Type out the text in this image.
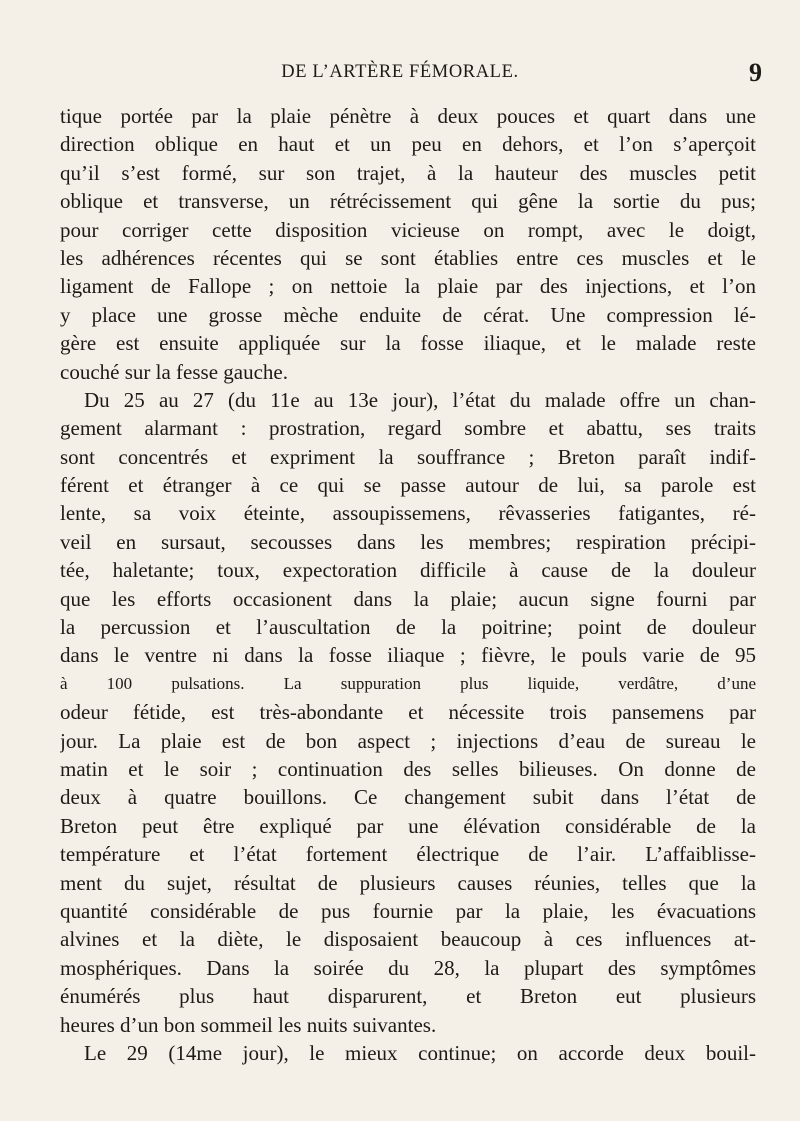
DE L’ARTÈRE FÉMORALE.	9
tique portée par la plaie pénètre à deux pouces et quart dans une
direction oblique en haut et un peu en dehors, et l’on s’aperçoit
qu’il s’est formé, sur son trajet, à la hauteur des muscles petit
oblique et transverse, un rétrécissement qui gêne la sortie du pus;
pour corriger cette disposition vicieuse on rompt, avec le doigt,
les adhérences récentes qui se sont établies entre ces muscles et le
ligament de Fallope ; on nettoie la plaie par des injections, et l’on
y place une grosse mèche enduite de cérat. Une compression lé-
gère est ensuite appliquée sur la fosse iliaque, et le malade reste
couché sur la fesse gauche.
Du 25 au 27 (du 11e au 13e jour), l’état du malade offre un chan-
gement alarmant : prostration, regard sombre et abattu, ses traits
sont concentrés et expriment la souffrance ; Breton paraît indif-
férent et étranger à ce qui se passe autour de lui, sa parole est
lente, sa voix éteinte, assoupissemens, rêvasseries fatigantes, ré-
veil en sursaut, secousses dans les membres; respiration précipi-
tée, haletante; toux, expectoration difficile à cause de la douleur
que les efforts occasionent dans la plaie; aucun signe fourni par
la percussion et l’auscultation de la poitrine; point de douleur
dans le ventre ni dans la fosse iliaque ; fièvre, le pouls varie de 95
à 100 pulsations. La suppuration plus liquide, verdâtre, d’une
odeur fétide, est très-abondante et nécessite trois pansemens par
jour. La plaie est de bon aspect ; injections d’eau de sureau le
matin et le soir ; continuation des selles bilieuses. On donne de
deux à quatre bouillons. Ce changement subit dans l’état de
Breton peut être expliqué par une élévation considérable de la
température et l’état fortement électrique de l’air. L’affaiblisse-
ment du sujet, résultat de plusieurs causes réunies, telles que la
quantité considérable de pus fournie par la plaie, les évacuations
alvines et la diète, le disposaient beaucoup à ces influences at-
mosphériques. Dans la soirée du 28, la plupart des symptômes
énumérés plus haut disparurent, et Breton eut plusieurs
heures d’un bon sommeil les nuits suivantes.
Le 29 (14me jour), le mieux continue; on accorde deux bouil-
